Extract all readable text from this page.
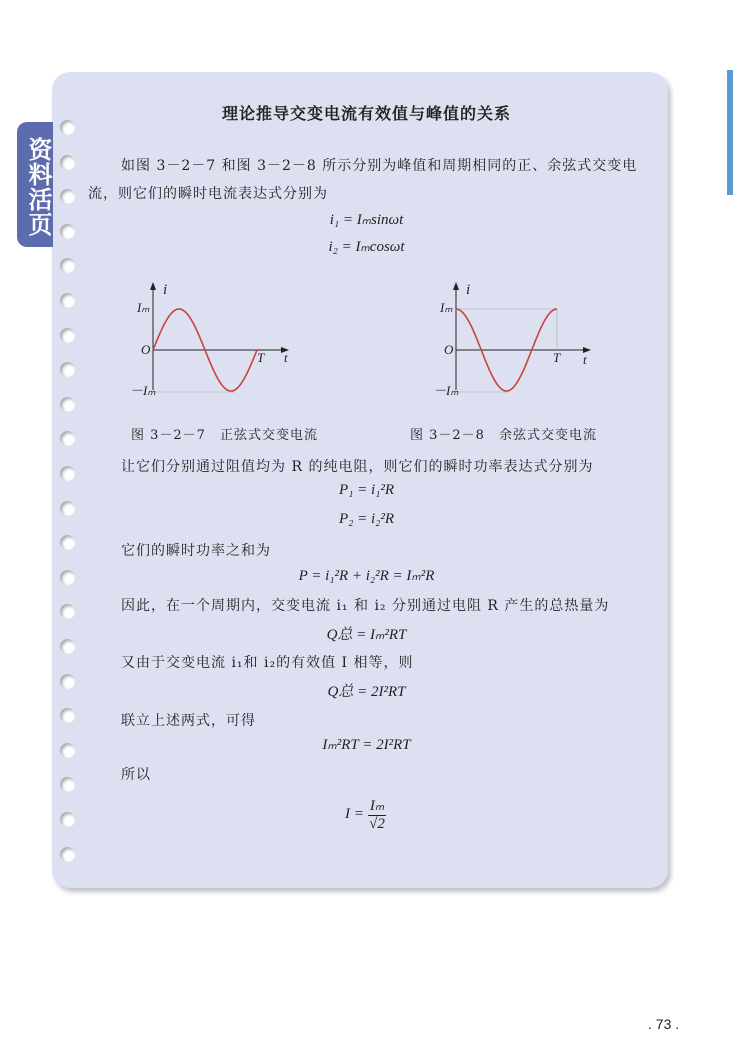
资料活页
理论推导交变电流有效值与峰值的关系
如图 3－2－7 和图 3－2－8 所示分别为峰值和周期相同的正、余弦式交变电
流，则它们的瞬时电流表达式分别为
i₁ = Iₘsinωt
i₂ = Iₘcosωt
i
Iₘ
O
T t
－Iₘ
图 3－2－7　正弦式交变电流
i
Iₘ
O
T t
－Iₘ
图 3－2－8　余弦式交变电流
让它们分别通过阻值均为 R 的纯电阻，则它们的瞬时功率表达式分别为
P₁ = i₁²R
P₂ = i₂²R
它们的瞬时功率之和为
P = i₁²R + i₂²R = Iₘ²R
因此，在一个周期内，交变电流 i₁ 和 i₂ 分别通过电阻 R 产生的总热量为
Q总 = Iₘ²RT
又由于交变电流 i₁和 i₂的有效值 I 相等，则
Q总 = 2I²RT
联立上述两式，可得
Iₘ²RT = 2I²RT
所以
$I = \frac{\text{Iₘ}}{√2}$
. 73 .
